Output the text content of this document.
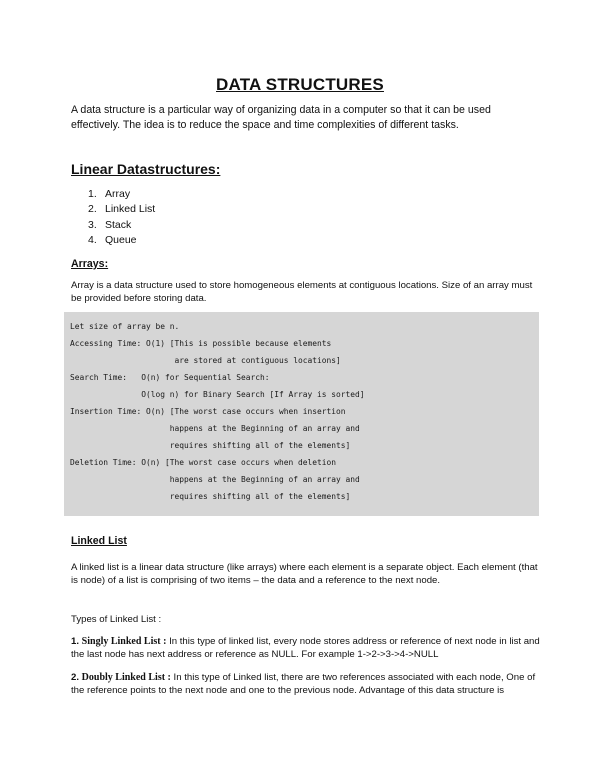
DATA STRUCTURES

A data structure is a particular way of organizing data in a computer so that it can be used effectively. The idea is to reduce the space and time complexities of different tasks.

Linear Datastructures:
1. Array
2. Linked List
3. Stack
4. Queue
Arrays:

Array is a data structure used to store homogeneous elements at contiguous locations. Size of an array must be provided before storing data.

Let size of array be n.
Accessing Time: O(1) [This is possible because elements
are stored at contiguous locations]
Search Time:   O(n) for Sequential Search:
O(log n) for Binary Search [If Array is sorted]
Insertion Time: O(n) [The worst case occurs when insertion
happens at the Beginning of an array and
requires shifting all of the elements]
Deletion Time: O(n) [The worst case occurs when deletion
happens at the Beginning of an array and
requires shifting all of the elements]
Linked List

A linked list is a linear data structure (like arrays) where each element is a separate object. Each element (that is node) of a list is comprising of two items – the data and a reference to the next node.

Types of Linked List :

1. Singly Linked List : In this type of linked list, every node stores address or reference of next node in list and the last node has next address or reference as NULL. For example 1->2->3->4->NULL

2. Doubly Linked List : In this type of Linked list, there are two references associated with each node, One of the reference points to the next node and one to the previous node. Advantage of this data structure is
